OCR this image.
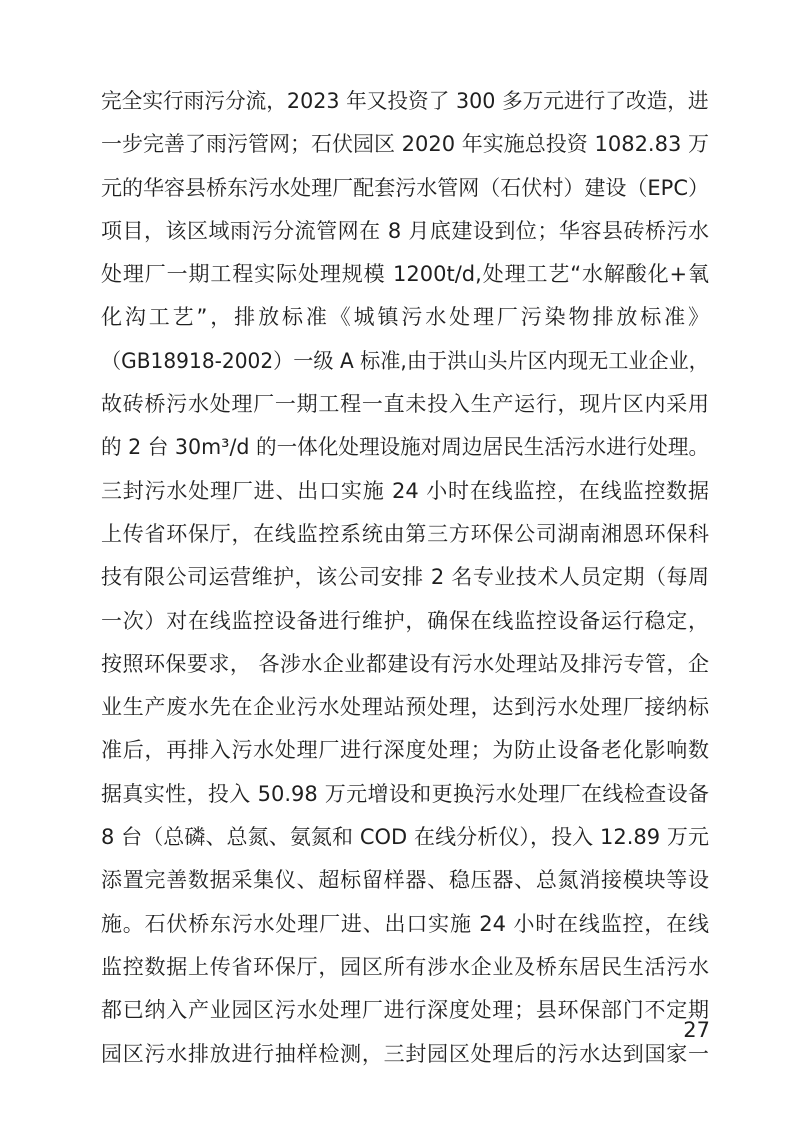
完全实行雨污分流，2023 年又投资了 300 多万元进行了改造，进
一步完善了雨污管网；石伏园区 2020 年实施总投资 1082.83 万
元的华容县桥东污水处理厂配套污水管网（石伏村）建设（EPC）
项目，该区域雨污分流管网在 8 月底建设到位；华容县砖桥污水
处理厂一期工程实际处理规模 1200t/d,处理工艺“水解酸化+氧
化沟工艺”，排放标准《城镇污水处理厂污染物排放标准》
（GB18918-2002）一级 A 标准,由于洪山头片区内现无工业企业，
故砖桥污水处理厂一期工程一直未投入生产运行，现片区内采用
的 2 台 30m³/d 的一体化处理设施对周边居民生活污水进行处理。
三封污水处理厂进、出口实施 24 小时在线监控，在线监控数据
上传省环保厅，在线监控系统由第三方环保公司湖南湘恩环保科
技有限公司运营维护，该公司安排 2 名专业技术人员定期（每周
一次）对在线监控设备进行维护，确保在线监控设备运行稳定，
按照环保要求， 各涉水企业都建设有污水处理站及排污专管，企
业生产废水先在企业污水处理站预处理，达到污水处理厂接纳标
准后，再排入污水处理厂进行深度处理；为防止设备老化影响数
据真实性，投入 50.98 万元增设和更换污水处理厂在线检查设备
8 台（总磷、总氮、氨氮和 COD 在线分析仪），投入 12.89 万元
添置完善数据采集仪、超标留样器、稳压器、总氮消接模块等设
施。石伏桥东污水处理厂进、出口实施 24 小时在线监控，在线
监控数据上传省环保厅，园区所有涉水企业及桥东居民生活污水
都已纳入产业园区污水处理厂进行深度处理；县环保部门不定期
园区污水排放进行抽样检测，三封园区处理后的污水达到国家一
27
